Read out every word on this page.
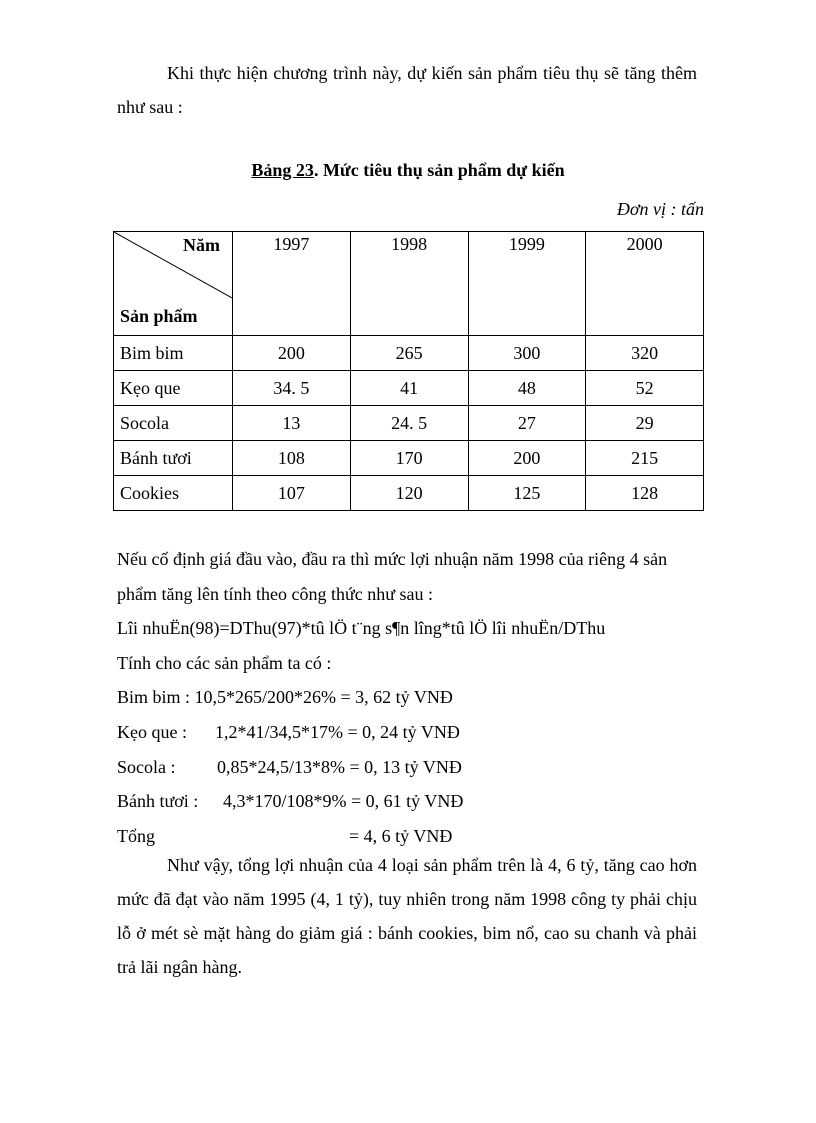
Khi thực hiện chương trình này, dự kiến sản phẩm tiêu thụ sẽ tăng thêm như sau :

Bảng 23. Mức tiêu thụ sản phẩm dự kiến
Đơn vị : tấn
Năm
Sản phẩm	1997	1998	1999	2000
Bim bim	200	265	300	320
Kẹo que	34. 5	41	48	52
Socola	13	24. 5	27	29
Bánh tươi	108	170	200	215
Cookies	107	120	125	128
Nếu cố định giá đầu vào, đầu ra thì mức lợi nhuận năm 1998 của riêng 4 sản
phẩm tăng lên tính theo công thức như sau :
Lîi nhuËn(98)=DThu(97)*tû lÖ t¨ng s¶n lîng*tû lÖ lîi nhuËn/DThu
Tính cho các sản phẩm ta có :
Bim bim : 10,5*265/200*26% = 3, 62 tỷ VNĐ
Kẹo que :1,2*41/34,5*17% = 0, 24 tỷ VNĐ
Socola :0,85*24,5/13*8% = 0, 13 tỷ VNĐ
Bánh tươi :4,3*170/108*9% = 0, 61 tỷ VNĐ
Tổng	= 4, 6 tỷ VNĐ

Như vậy, tổng lợi nhuận của 4 loại sản phẩm trên là 4, 6 tỷ, tăng cao hơn mức đã đạt vào năm 1995 (4, 1 tỷ), tuy nhiên trong năm 1998 công ty phải chịu lỗ ở mét sè mặt hàng do giảm giá : bánh cookies, bim nổ, cao su chanh và phải trả lãi ngân hàng.
